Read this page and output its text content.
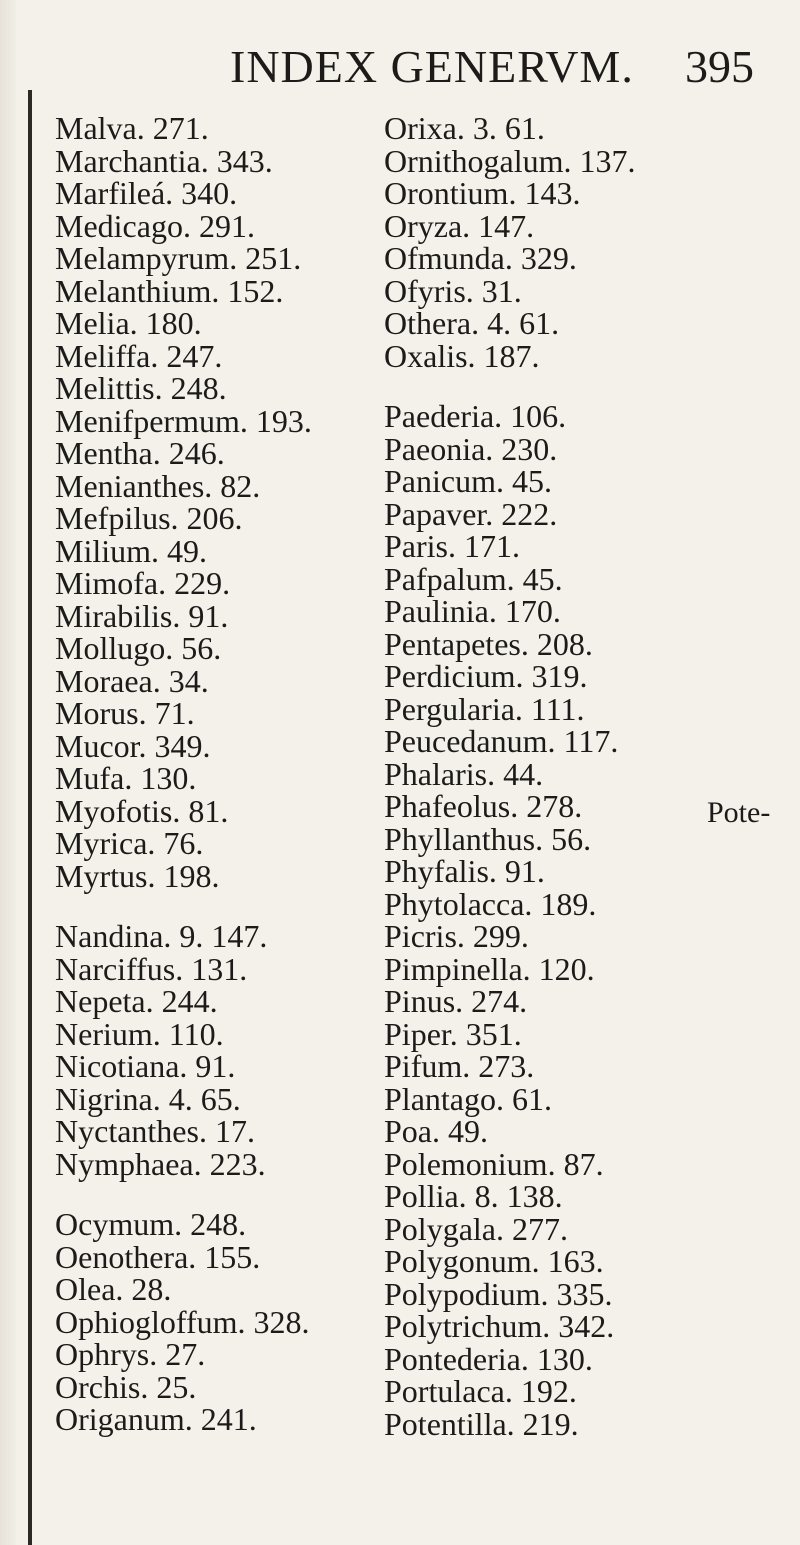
INDEX GENERVM. 395
Malva. 271.
Marchantia. 343.
Marfileá. 340.
Medicago. 291.
Melampyrum. 251.
Melanthium. 152.
Melia. 180.
Meliffa. 247.
Melittis. 248.
Menifpermum. 193.
Mentha. 246.
Menianthes. 82.
Mefpilus. 206.
Milium. 49.
Mimofa. 229.
Mirabilis. 91.
Mollugo. 56.
Moraea. 34.
Morus. 71.
Mucor. 349.
Mufa. 130.
Myofotis. 81.
Myrica. 76.
Myrtus. 198.
Nandina. 9. 147.
Narciffus. 131.
Nepeta. 244.
Nerium. 110.
Nicotiana. 91.
Nigrina. 4. 65.
Nyctanthes. 17.
Nymphaea. 223.
Ocymum. 248.
Oenothera. 155.
Olea. 28.
Ophiogloffum. 328.
Ophrys. 27.
Orchis. 25.
Origanum. 241.
Orixa. 3. 61.
Ornithogalum. 137.
Orontium. 143.
Oryza. 147.
Ofmunda. 329.
Ofyris. 31.
Othera. 4. 61.
Oxalis. 187.
Paederia. 106.
Paeonia. 230.
Panicum. 45.
Papaver. 222.
Paris. 171.
Pafpalum. 45.
Paulinia. 170.
Pentapetes. 208.
Perdicium. 319.
Pergularia. 111.
Peucedanum. 117.
Phalaris. 44.
Phafeolus. 278.
Phyllanthus. 56.
Phyfalis. 91.
Phytolacca. 189.
Picris. 299.
Pimpinella. 120.
Pinus. 274.
Piper. 351.
Pifum. 273.
Plantago. 61.
Poa. 49.
Polemonium. 87.
Pollia. 8. 138.
Polygala. 277.
Polygonum. 163.
Polypodium. 335.
Polytrichum. 342.
Pontederia. 130.
Portulaca. 192.
Potentilla. 219.
Pote-
